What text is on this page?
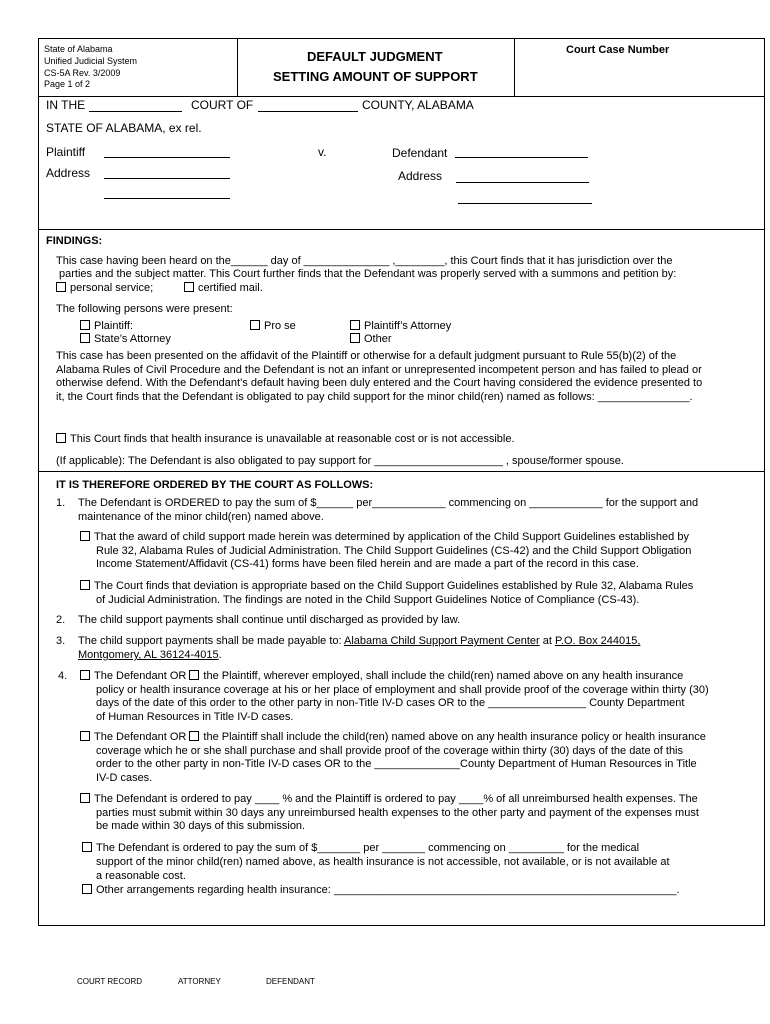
State of Alabama
Unified Judicial System
CS-5A Rev. 3/2009
Page 1 of 2
DEFAULT JUDGMENT
SETTING AMOUNT OF SUPPORT
Court Case Number
IN THE	COURT OF	COUNTY, ALABAMA
STATE OF ALABAMA, ex rel.
Plaintiff	v.	Defendant
Address	Address
FINDINGS:
This case having been heard on the______ day of ______________ ,________, this Court finds that it has jurisdiction over the
parties and the subject matter. This Court further finds that the Defendant was properly served with a summons and petition by:
personal service;	certified mail.
The following persons were present:
Plaintiff:	Pro se	Plaintiff’s Attorney
State’s Attorney	Other
This case has been presented on the affidavit of the Plaintiff or otherwise for a default judgment pursuant to Rule 55(b)(2) of the
Alabama Rules of Civil Procedure and the Defendant is not an infant or unrepresented incompetent person and has failed to plead or
otherwise defend. With the Defendant’s default having been duly entered and the Court having considered the evidence presented to
it, the Court finds that the Defendant is obligated to pay child support for the minor child(ren) named as follows: _______________.
This Court finds that health insurance is unavailable at reasonable cost or is not accessible.
(If applicable): The Defendant is also obligated to pay support for _____________________ , spouse/former spouse.
IT IS THEREFORE ORDERED BY THE COURT AS FOLLOWS:
1. The Defendant is ORDERED to pay the sum of $______ per____________ commencing on ____________ for the support and
maintenance of the minor child(ren) named above.
That the award of child support made herein was determined by application of the Child Support Guidelines established by
Rule 32, Alabama Rules of Judicial Administration. The Child Support Guidelines (CS-42) and the Child Support Obligation
Income Statement/Affidavit (CS-41) forms have been filed herein and are made a part of the record in this case.
The Court finds that deviation is appropriate based on the Child Support Guidelines established by Rule 32, Alabama Rules
of Judicial Administration. The findings are noted in the Child Support Guidelines Notice of Compliance (CS-43).
2. The child support payments shall continue until discharged as provided by law.
3. The child support payments shall be made payable to: Alabama Child Support Payment Center at P.O. Box 244015,
Montgomery, AL 36124-4015.
4.	The Defendant OR the Plaintiff, wherever employed, shall include the child(ren) named above on any health insurance
policy or health insurance coverage at his or her place of employment and shall provide proof of the coverage within thirty (30)
days of the date of this order to the other party in non-Title IV-D cases OR to the ________________ County Department
of Human Resources in Title IV-D cases.
The Defendant OR the Plaintiff shall include the child(ren) named above on any health insurance policy or health insurance
coverage which he or she shall purchase and shall provide proof of the coverage within thirty (30) days of the date of this
order to the other party in non-Title IV-D cases OR to the ______________County Department of Human Resources in Title
IV-D cases.
The Defendant is ordered to pay ____ % and the Plaintiff is ordered to pay ____% of all unreimbursed health expenses. The
parties must submit within 30 days any unreimbursed health expenses to the other party and payment of the expenses must
be made within 30 days of this submission.
The Defendant is ordered to pay the sum of $_______ per _______ commencing on _________ for the medical
support of the minor child(ren) named above, as health insurance is not accessible, not available, or is not available at
a reasonable cost.
Other arrangements regarding health insurance: ________________________________________________________.
COURT RECORD	ATTORNEY	DEFENDANT
